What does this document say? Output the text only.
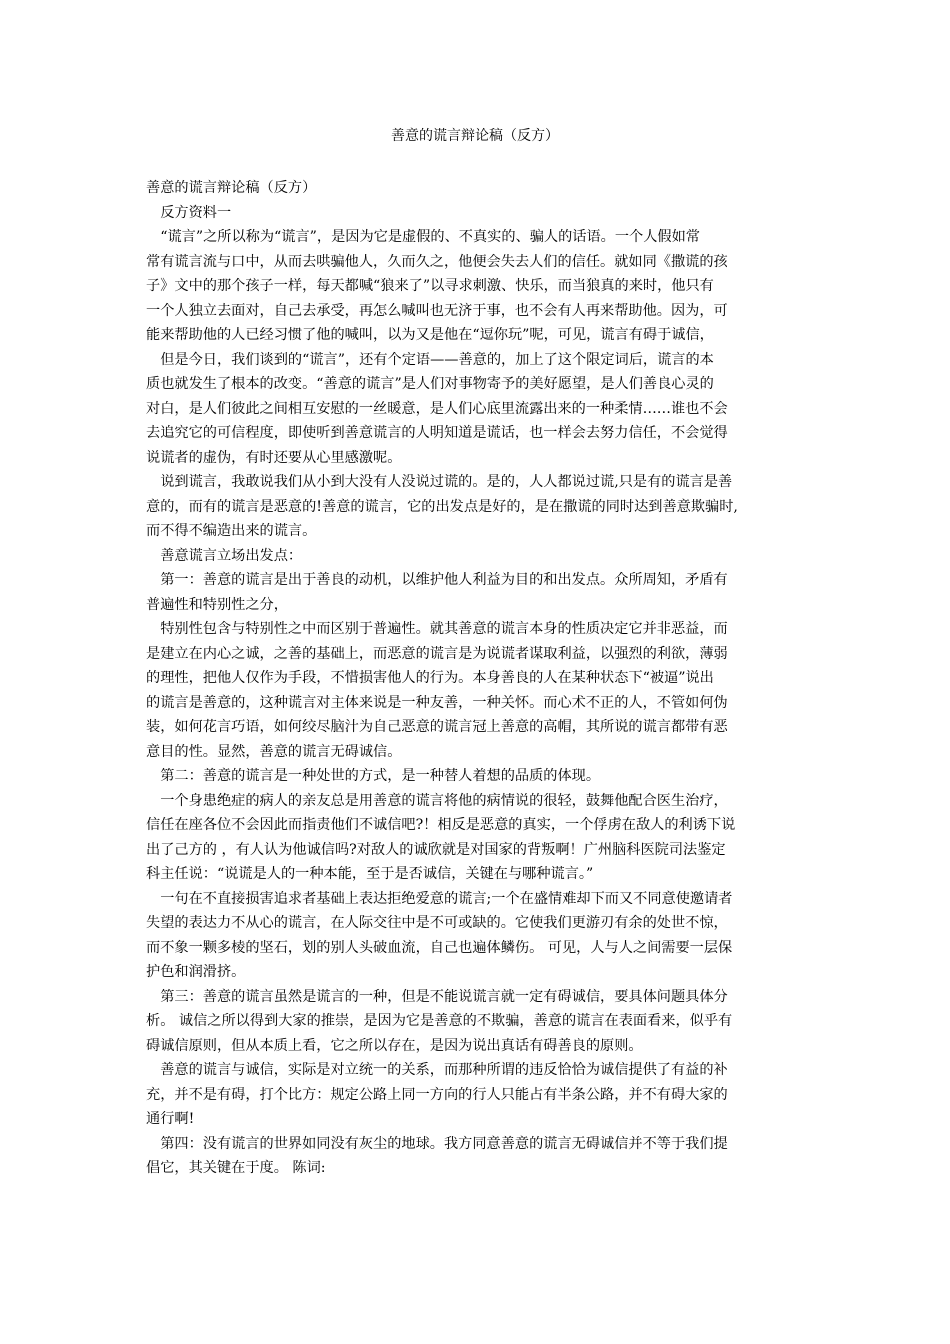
善意的谎言辩论稿（反方）
善意的谎言辩论稿（反方）
　反方资料一
　“谎言”之所以称为“谎言”，是因为它是虚假的、不真实的、骗人的话语。一个人假如常
常有谎言流与口中，从而去哄骗他人，久而久之，他便会失去人们的信任。就如同《撒谎的孩
子》文中的那个孩子一样，每天都喊“狼来了”以寻求刺激、快乐，而当狼真的来时，他只有
一个人独立去面对，自己去承受，再怎么喊叫也无济于事，也不会有人再来帮助他。因为，可
能来帮助他的人已经习惯了他的喊叫，以为又是他在“逗你玩”呢，可见，谎言有碍于诚信，
　但是今日，我们谈到的“谎言”，还有个定语——善意的，加上了这个限定词后，谎言的本
质也就发生了根本的改变。“善意的谎言”是人们对事物寄予的美好愿望，是人们善良心灵的
对白，是人们彼此之间相互安慰的一丝暖意，是人们心底里流露出来的一种柔情……谁也不会
去追究它的可信程度，即使听到善意谎言的人明知道是谎话，也一样会去努力信任，不会觉得
说谎者的虚伪，有时还要从心里感激呢。
　说到谎言，我敢说我们从小到大没有人没说过谎的。是的，人人都说过谎,只是有的谎言是善
意的，而有的谎言是恶意的!善意的谎言，它的出发点是好的，是在撒谎的同时达到善意欺骗时,
而不得不编造出来的谎言。
　善意谎言立场出发点：
　第一：善意的谎言是出于善良的动机，以维护他人利益为目的和出发点。众所周知，矛盾有
普遍性和特别性之分，
　特别性包含与特别性之中而区别于普遍性。就其善意的谎言本身的性质决定它并非恶益，而
是建立在内心之诚，之善的基础上，而恶意的谎言是为说谎者谋取利益，以强烈的利欲，薄弱
的理性，把他人仅作为手段，不惜损害他人的行为。本身善良的人在某种状态下“被逼”说出
的谎言是善意的，这种谎言对主体来说是一种友善，一种关怀。而心术不正的人，不管如何伪
装，如何花言巧语，如何绞尽脑汁为自己恶意的谎言冠上善意的高帽，其所说的谎言都带有恶
意目的性。显然，善意的谎言无碍诚信。
　第二：善意的谎言是一种处世的方式，是一种替人着想的品质的体现。
　一个身患绝症的病人的亲友总是用善意的谎言将他的病情说的很轻，鼓舞他配合医生治疗，
信任在座各位不会因此而指责他们不诚信吧?！相反是恶意的真实，一个俘虏在敌人的利诱下说
出了己方的 ，有人认为他诚信吗?对敌人的诚欣就是对国家的背叛啊！广州脑科医院司法鉴定
科主任说：“说谎是人的一种本能，至于是否诚信，关键在与哪种谎言。”
　一句在不直接损害追求者基础上表达拒绝爱意的谎言;一个在盛情难却下而又不同意使邀请者
失望的表达力不从心的谎言，在人际交往中是不可或缺的。它使我们更游刃有余的处世不惊，
而不象一颗多棱的坚石，划的别人头破血流，自己也遍体鳞伤。 可见，人与人之间需要一层保
护色和润滑挤。
　第三：善意的谎言虽然是谎言的一种，但是不能说谎言就一定有碍诚信，要具体问题具体分
析。 诚信之所以得到大家的推崇，是因为它是善意的不欺骗，善意的谎言在表面看来，似乎有
碍诚信原则，但从本质上看，它之所以存在，是因为说出真话有碍善良的原则。
　善意的谎言与诚信，实际是对立统一的关系，而那种所谓的违反恰恰为诚信提供了有益的补
充，并不是有碍，打个比方：规定公路上同一方向的行人只能占有半条公路，并不有碍大家的
通行啊!
　第四：没有谎言的世界如同没有灰尘的地球。我方同意善意的谎言无碍诚信并不等于我们提
倡它，其关键在于度。 陈词:
